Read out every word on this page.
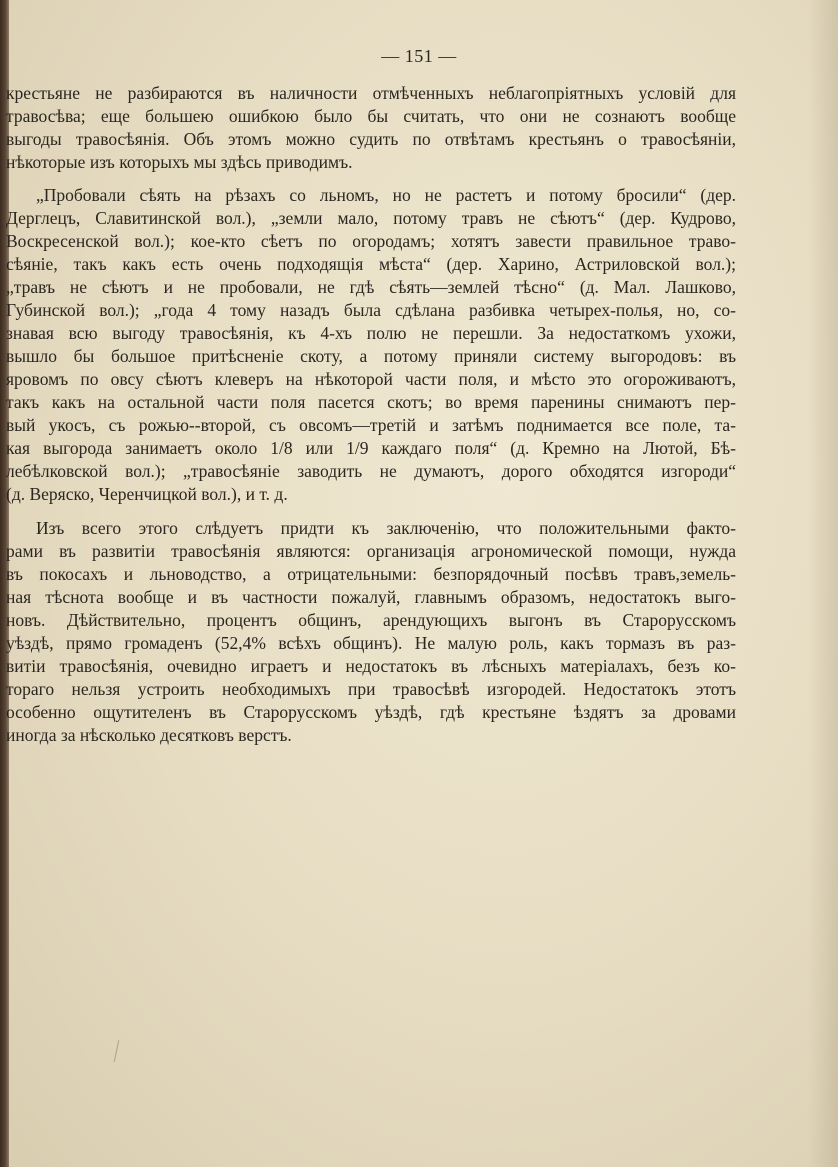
— 151 —
крестьяне не разбираются въ наличности отмѣченныхъ неблагопріятныхъ условій для
травосѣва; еще большею ошибкою было бы считать, что они не сознаютъ вообще
выгоды травосѣянія. Объ этомъ можно судить по отвѣтамъ крестьянъ о травосѣяніи,
нѣкоторые изъ которыхъ мы здѣсь приводимъ.
„Пробовали сѣять на рѣзахъ со льномъ, но не растетъ и потому бросили“ (дер.
Дерглецъ, Славитинской вол.), „земли мало, потому травъ не сѣютъ“ (дер. Кудрово,
Воскресенской вол.); кое-кто сѣетъ по огородамъ; хотятъ завести правильное траво-
сѣяніе, такъ какъ есть очень подходящія мѣста“ (дер. Харино, Астриловской вол.);
„травъ не сѣютъ и не пробовали, не гдѣ сѣять—землей тѣсно“ (д. Мал. Лашково,
Губинской вол.); „года 4 тому назадъ была сдѣлана разбивка четырех-полья, но, со-
знавая всю выгоду травосѣянія, къ 4-хъ полю не перешли. За недостаткомъ ухожи,
вышло бы большое притѣсненіе скоту, а потому приняли систему выгородовъ: въ
яровомъ по овсу сѣютъ клеверъ на нѣкоторой части поля, и мѣсто это огороживаютъ,
такъ какъ на остальной части поля пасется скотъ; во время паренины снимаютъ пер-
вый укосъ, съ рожью--второй, съ овсомъ—третій и затѣмъ поднимается все поле, та-
кая выгорода занимаетъ около 1/8 или 1/9 каждаго поля“ (д. Кремно на Лютой, Бѣ-
лебѣлковской вол.); „травосѣяніе заводить не думаютъ, дорого обходятся изгороди“
(д. Веряско, Черенчицкой вол.), и т. д.
Изъ всего этого слѣдуетъ придти къ заключенію, что положительными факто-
рами въ развитіи травосѣянія являются: организація агрономической помощи, нужда
въ покосахъ и льноводство, а отрицательными: безпорядочный посѣвъ травъ,земель-
ная тѣснота вообще и въ частности пожалуй, главнымъ образомъ, недостатокъ выго-
новъ. Дѣйствительно, процентъ общинъ, арендующихъ выгонъ въ Старорусскомъ
уѣздѣ, прямо громаденъ (52,4% всѣхъ общинъ). Не малую роль, какъ тормазъ въ раз-
витіи травосѣянія, очевидно играетъ и недостатокъ въ лѣсныхъ матеріалахъ, безъ ко-
тораго нельзя устроить необходимыхъ при травосѣвѣ изгородей. Недостатокъ этотъ
особенно ощутителенъ въ Старорусскомъ уѣздѣ, гдѣ крестьяне ѣздятъ за дровами
иногда за нѣсколько десятковъ верстъ.
